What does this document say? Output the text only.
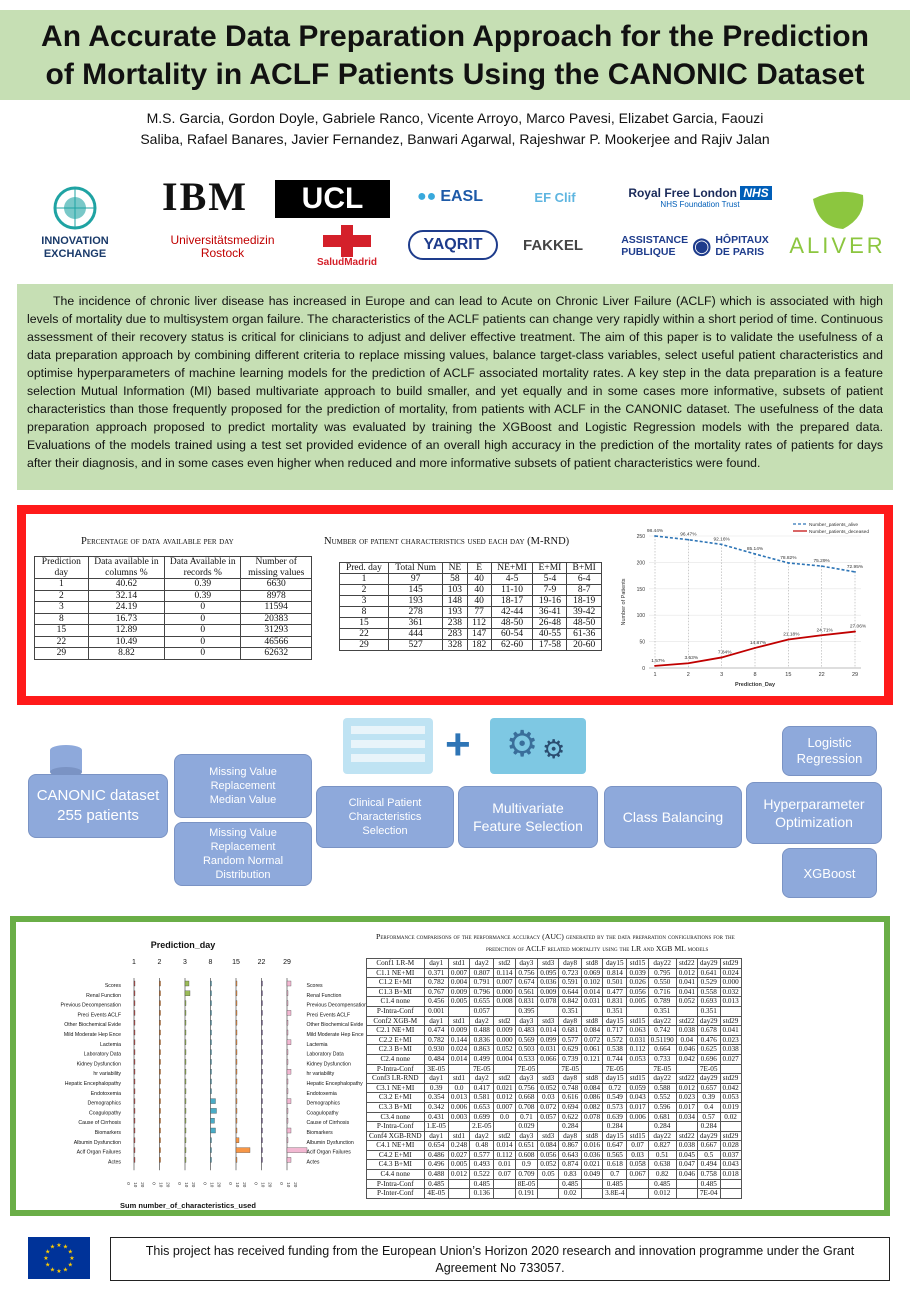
An Accurate Data Preparation Approach for the Prediction
of Mortality in ACLF Patients Using the CANONIC Dataset
M.S. Garcia, Gordon Doyle, Gabriele Ranco, Vicente Arroyo, Marco Pavesi, Elizabet Garcia, Faouzi
Saliba, Rafael Banares, Javier Fernandez, Banwari Agarwal, Rajeshwar P. Mookerjee and Rajiv Jalan
INNOVATION EXCHANGE
IBM UCL	●● EASL	EF Clif	Royal Free London NHS
NHS Foundation Trust
ALIVER
Universitätsmedizin
Rostock
SaludMadrid
YAQRIT	FAKKEL	ASSISTANCE
PUBLIQUE ◉ HÔPITAUX
DE PARIS

The incidence of chronic liver disease has increased in Europe and can lead to Acute on Chronic Liver Failure (ACLF) which is associated with high levels of mortality due to multisystem organ failure. The characteristics of the ACLF patients can change very rapidly within a short period of time. Continuous assessment of their recovery status is critical for clinicians to adjust and deliver effective treatment. The aim of this paper is to validate the usefulness of a data preparation approach by combining different criteria to replace missing values, balance target-class variables, select useful patient characteristics and optimise hyperparameters of machine learning models for the prediction of ACLF associated mortality rates. A key step in the data preparation is a feature selection Mutual Information (MI) based multivariate approach to build smaller, and yet equally and in some cases more informative, subsets of patient characteristics than those frequently proposed for the prediction of mortality, from patients with ACLF in the CANONIC dataset. The usefulness of the data preparation approach proposed to predict mortality was evaluated by training the XGBoost and Logistic Regression models with the prepared data. Evaluations of the models trained using a test set provided evidence of an overall high accuracy in the prediction of the mortality rates of patients for days after their diagnosis, and in some cases even higher when reduced and more informative subsets of patient characteristics were found.

Percentage of data available per day
Prediction day	Data available in columns %	Data Available in records %	Number of missing values
1	40.62	0.39	6630
2	32.14	0.39	8978
3	24.19	0	11594
8	16.73	0	20383
15	12.89	0	31293
22	10.49	0	46566
29	8.82	0	62632
Number of patient characteristics used each day (M-RND)
Pred. day	Total Num	NE	E	NE+MI	E+MI	B+MI
1	97	58	40	4-5	5-4	6-4
2	145	103	40	11-10	7-9	8-7
3	193	148	40	18-17	19-16	18-19
8	278	193	77	42-44	36-41	39-42
15	361	238	112	48-50	26-48	48-50
22	444	283	147	60-54	40-55	61-36
29	527	328	182	62-60	17-58	20-60
0
50
100
150
200
250
1	2	3	8	15	22	29
98.44%
96.47%
92.16%
85.14%
78.82%
75.29%
72.95%
1.57%
3.53%
7.84%
14.87%
21.18%
24.71%
27.06%
Prediction_Day
Number of Patients
Number_patients_alive
Number_patients_deceased
CANONIC dataset 255 patients
Missing Value Replacement Median Value
Missing Value Replacement Random Normal Distribution
Clinical Patient Characteristics Selection
+ ⚙ ⚙
Multivariate Feature Selection
Class Balancing
Logistic Regression
Hyperparameter Optimization
XGBoost
Prediction_day
1
0 10 20
2
0 10 20
3
0 10 20
8
0 10 20
15
0 10 20
22
0 10 20
29
0 10 20
Scores	Scores
Renal Function	Renal Function
Previous Decompensation	Previous Decompensation
Preci Events ACLF	Preci Events ACLF
Other Biochemical Evide	Other Biochemical Evide
Mild Moderate Hep Ence	Mild Moderate Hep Ence
Lactemia	Lactemia
Laboratory Data	Laboratory Data
Kidney Dysfunction	Kidney Dysfunction
hr variability	hr variability
Hepatic Encephalopathy	Hepatic Encephalopathy
Endotoxemia	Endotoxemia
Demographics	Demographics
Coagulopathy	Coagulopathy
Cause of Cirrhosis	Cause of Cirrhosis
Biomarkers	Biomarkers
Albumin Dysfunction	Albumin Dysfunction
Aclf Organ Failures	Aclf Organ Failures
Actes	Actes
Sum number_of_characteristics_used
Performance comparisons of the performance accuracy (AUC) generated by the data preparation configurations for the
prediction of ACLF related mortality using the LR and XGB ML models
Conf1 LR-M	day1	std1	day2	std2	day3	std3	day8	std8	day15	std15	day22	std22	day29	std29
C1.1 NE+MI	0.371	0.007	0.807	0.114	0.756	0.095	0.723	0.069	0.814	0.039	0.795	0.012	0.641	0.024
C1.2 E+MI	0.782	0.004	0.791	0.007	0.674	0.036	0.591	0.102	0.501	0.026	0.550	0.041	0.529	0.000
C1.3 B+MI	0.767	0.009	0.796	0.000	0.561	0.009	0.644	0.014	0.477	0.056	0.716	0.041	0.558	0.032
C1.4 none	0.456	0.005	0.655	0.008	0.831	0.078	0.842	0.031	0.831	0.005	0.789	0.052	0.693	0.013
P-Intra-Conf	0.001		0.057		0.395		0.351		0.351		0.351		0.351	
Conf2 XGB-M	day1	std1	day2	std2	day3	std3	day8	std8	day15	std15	day22	std22	day29	std29
C2.1 NE+MI	0.474	0.009	0.488	0.009	0.483	0.014	0.681	0.084	0.717	0.063	0.742	0.038	0.678	0.041
C2.2 E+MI	0.782	0.144	0.836	0.000	0.569	0.099	0.577	0.072	0.572	0.031	0.51190	0.04	0.476	0.023
C2.3 B+MI	0.930	0.024	0.863	0.052	0.503	0.031	0.629	0.061	0.538	0.112	0.664	0.046	0.625	0.038
C2.4 none	0.484	0.014	0.499	0.004	0.533	0.066	0.739	0.121	0.744	0.053	0.733	0.042	0.696	0.027
P-Intra-Conf	3E-05		7E-05		7E-05		7E-05		7E-05		7E-05		7E-05	
Conf3 LR-RND	day1	std1	day2	std2	day3	std3	day8	std8	day15	std15	day22	std22	day29	std29
C3.1 NE+MI	0.39	0.0	0.417	0.021	0.756	0.052	0.748	0.084	0.72	0.059	0.588	0.012	0.657	0.042
C3.2 E+MI	0.354	0.013	0.581	0.012	0.668	0.03	0.616	0.086	0.549	0.043	0.552	0.023	0.39	0.053
C3.3 B+MI	0.342	0.006	0.653	0.007	0.708	0.072	0.694	0.082	0.573	0.017	0.596	0.017	0.4	0.019
C3.4 none	0.431	0.003	0.699	0.0	0.71	0.057	0.622	0.078	0.639	0.006	0.681	0.034	0.57	0.02
P-Intra-Conf	1.E-05		2.E-05		0.029		0.284		0.284		0.284		0.284	
Conf4 XGB-RND	day1	std1	day2	std2	day3	std3	day8	std8	day15	std15	day22	std22	day29	std29
C4.1 NE+MI	0.654	0.248	0.48	0.014	0.651	0.084	0.867	0.016	0.647	0.07	0.827	0.038	0.667	0.028
C4.2 E+MI	0.486	0.027	0.577	0.112	0.608	0.056	0.643	0.036	0.565	0.03	0.51	0.045	0.5	0.037
C4.3 B+MI	0.496	0.005	0.493	0.01	0.9	0.052	0.874	0.021	0.618	0.058	0.638	0.047	0.494	0.043
C4.4 none	0.488	0.012	0.522	0.07	0.709	0.05	0.83	0.049	0.7	0.067	0.82	0.046	0.758	0.018
P-Intra-Conf	0.485		0.485		8E-05		0.485		0.485		0.485		0.485	
P-Inter-Conf	4E-05		0.136		0.191		0.02		3.8E-4		0.012		7E-04	
★
★
★
★
★
★
★
★
★ ★ ★
★	This project has received funding from the European Union’s Horizon 2020 research and innovation programme under the Grant
Agreement No 733057.
